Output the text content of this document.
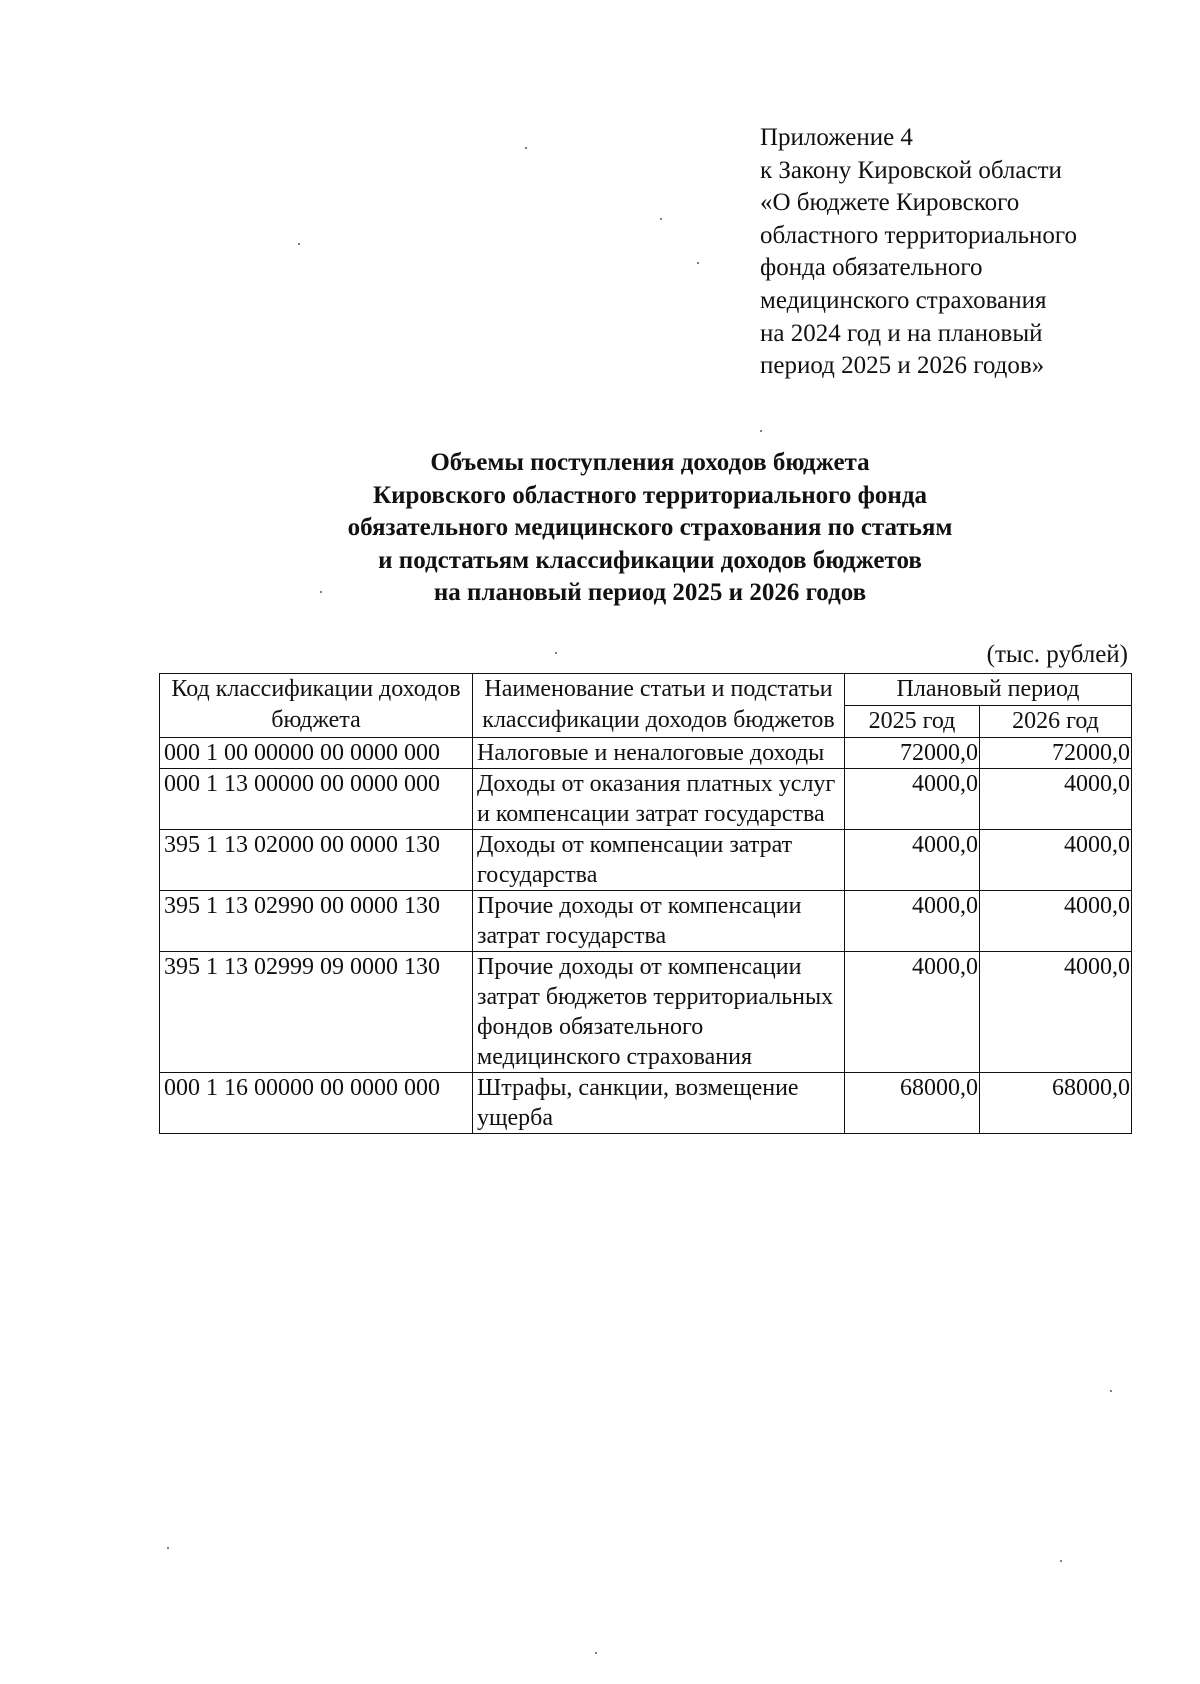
Приложение 4
к Закону Кировской области
«О бюджете Кировского
областного территориального
фонда обязательного
медицинского страхования
на 2024 год и на плановый
период 2025 и 2026 годов»
Объемы поступления доходов бюджета
Кировского областного территориального фонда
обязательного медицинского страхования по статьям
и подстатьям классификации доходов бюджетов
на плановый период 2025 и 2026 годов
(тыс. рублей)
Код классификации доходов бюджета	Наименование статьи и подстатьи классификации доходов бюджетов	Плановый период	
		2025 год	2026 год
000 1 00 00000 00 0000 000	Налоговые и неналоговые доходы	72000,0	72000,0
000 1 13 00000 00 0000 000	Доходы от оказания платных услуг и компенсации затрат государства	4000,0	4000,0
395 1 13 02000 00 0000 130	Доходы от компенсации затрат государства	4000,0	4000,0
395 1 13 02990 00 0000 130	Прочие доходы от компенсации затрат государства	4000,0	4000,0
395 1 13 02999 09 0000 130	Прочие доходы от компенсации затрат бюджетов территориальных фондов обязательного медицинского страхования	4000,0	4000,0
000 1 16 00000 00 0000 000	Штрафы, санкции, возмещение ущерба	68000,0	68000,0
